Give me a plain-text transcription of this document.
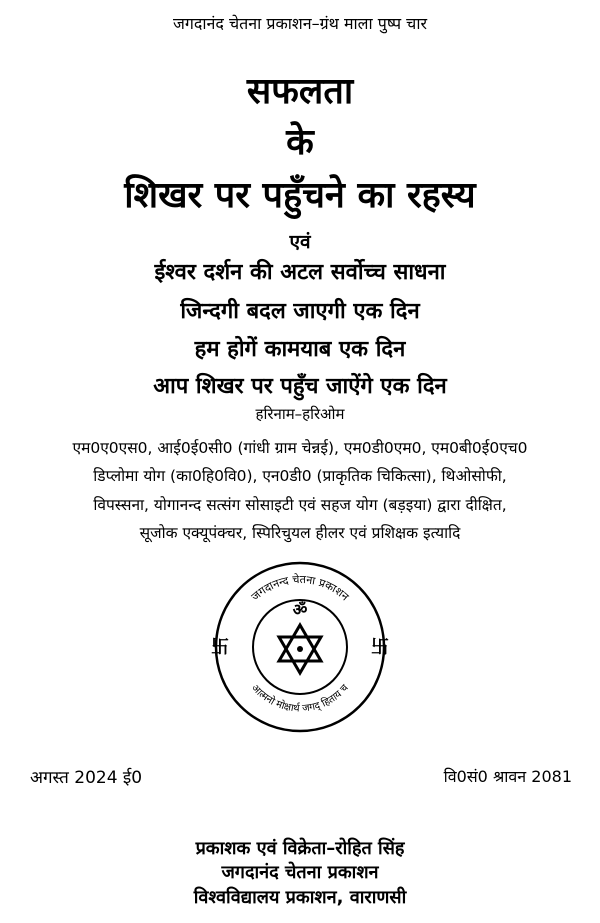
जगदानंद चेतना प्रकाशन–ग्रंथ माला पुष्प चार
सफलता
के
शिखर पर पहुँचने का रहस्य
एवं
ईश्वर दर्शन की अटल सर्वोच्च साधना
जिन्दगी बदल जाएगी एक दिन
हम होगें कामयाब एक दिन
आप शिखर पर पहुँच जाऐंगे एक दिन
हरिनाम–हरिओम
एम0ए0एस0, आई0ई0सी0 (गांधी ग्राम चेन्नई), एम0डी0एम0, एम0बी0ई0एच0
डिप्लोमा योग (का0हि0वि0), एन0डी0 (प्राकृतिक चिकित्सा), थिओसोफी,
विपस्सना, योगानन्द सत्संग सोसाइटी एवं सहज योग (बड़इया) द्वारा दीक्षित,
सूजोक एक्यूपंक्चर, स्पिरिचुयल हीलर एवं प्रशिक्षक इत्यादि
जगदानन्द चेतना प्रकाशन
आत्मनो मोक्षार्थ जगद् हिताय च
ॐ
卐	卐
अगस्त 2024 ई0	वि0सं0 श्रावन 2081
प्रकाशक एवं विक्रेता–रोहित सिंह
जगदानंद चेतना प्रकाशन
विश्वविद्यालय प्रकाशन, वाराणसी
